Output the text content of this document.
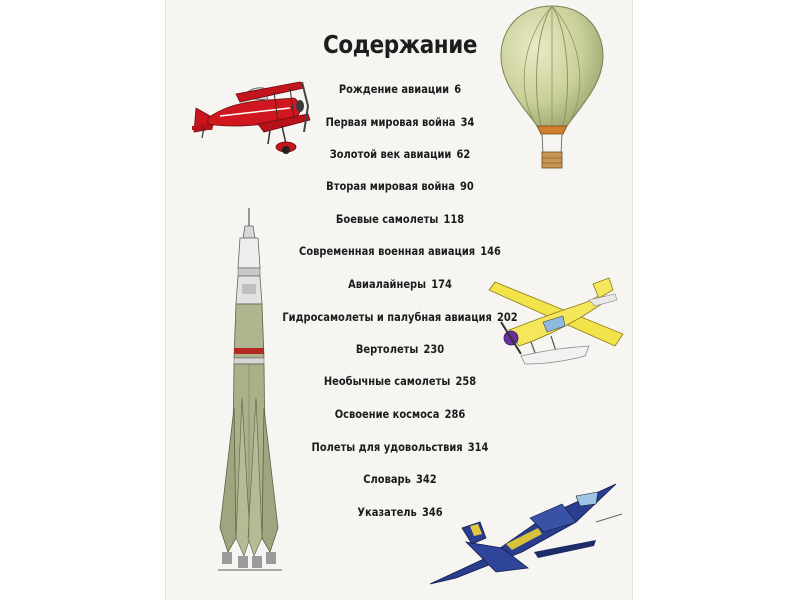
Содержание
Рождение авиации 6
Первая мировая война 34
Золотой век авиации 62
Вторая мировая война 90
Боевые самолеты 118
Современная военная авиация 146
Авиалайнеры 174
Гидросамолеты и палубная авиация 202
Вертолеты 230
Необычные самолеты 258
Освоение космоса 286
Полеты для удовольствия 314
Словарь 342
Указатель 346
